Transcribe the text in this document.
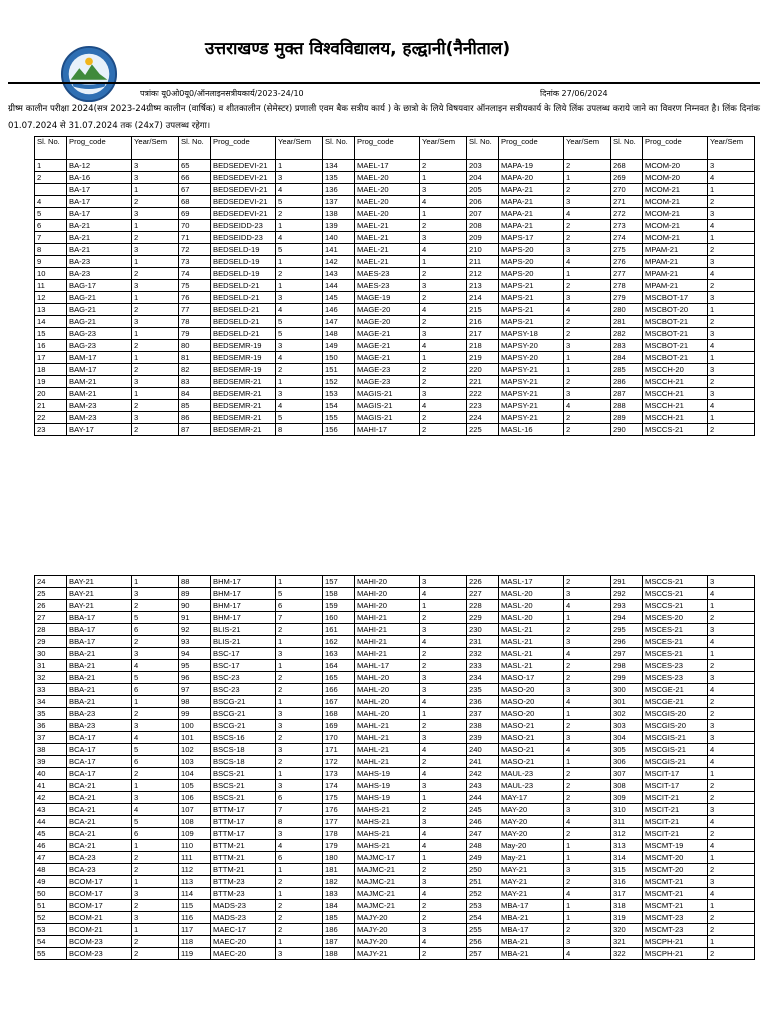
उत्तराखण्ड मुक्त विश्वविद्यालय, हल्द्वानी(नैनीताल)
पत्रांकः यू0ओ0यू0/ऑनलाइनसत्रीयकार्य/2023-24/10	दिनांक 27/06/2024
ग्रीष्म कालीन परीक्षा 2024(सत्र 2023-24ग्रीष्म कालीन (वार्षिक) व शीतकालीन (सेमेस्टर) प्रणाली एवम बैक सत्रीय कार्य ) के छात्रो के लिये विषयवार ऑनलाइन सत्रीयकार्य के लिये लिंक उपलब्ध कराये जाने का विवरण निम्नवत है। लिंक दिनांक 01.07.2024 से 31.07.2024 तक (24x7) उपलब्ध रहेगा।
Sl. No.	Prog_code	Year/Sem	Sl. No.	Prog_code	Year/Sem	Sl. No.	Prog_code	Year/Sem	Sl. No.	Prog_code	Year/Sem	Sl. No.	Prog_code	Year/Sem
1	BA-12	3	65	BEDSEDEVI-21	1	134	MAEL-17	2	203	MAPA-19	2	268	MCOM-20	3
2	BA-16	3	66	BEDSEDEVI-21	3	135	MAEL-20	1	204	MAPA-20	1	269	MCOM-20	4
	BA-17	1	67	BEDSEDEVI-21	4	136	MAEL-20	3	205	MAPA-21	2	270	MCOM-21	1
4	BA-17	2	68	BEDSEDEVI-21	5	137	MAEL-20	4	206	MAPA-21	3	271	MCOM-21	2
5	BA-17	3	69	BEDSEDEVI-21	2	138	MAEL-20	1	207	MAPA-21	4	272	MCOM-21	3
6	BA-21	1	70	BEDSEIDD-23	1	139	MAEL-21	2	208	MAPA-21	2	273	MCOM-21	4
7	BA-21	2	71	BEDSEIDD-23	4	140	MAEL-21	3	209	MAPS-17	2	274	MCOM-21	1
8	BA-21	3	72	BEDSELD-19	5	141	MAEL-21	4	210	MAPS-20	3	275	MPAM-21	2
9	BA-23	1	73	BEDSELD-19	1	142	MAEL-21	1	211	MAPS-20	4	276	MPAM-21	3
10	BA-23	2	74	BEDSELD-19	2	143	MAES-23	2	212	MAPS-20	1	277	MPAM-21	4
11	BAG-17	3	75	BEDSELD-21	1	144	MAES-23	3	213	MAPS-21	2	278	MPAM-21	2
12	BAG-21	1	76	BEDSELD-21	3	145	MAGE-19	2	214	MAPS-21	3	279	MSCBOT-17	3
13	BAG-21	2	77	BEDSELD-21	4	146	MAGE-20	4	215	MAPS-21	4	280	MSCBOT-20	1
14	BAG-21	3	78	BEDSELD-21	5	147	MAGE-20	2	216	MAPS-21	2	281	MSCBOT-21	2
15	BAG-23	1	79	BEDSELD-21	5	148	MAGE-21	3	217	MAPSY-18	2	282	MSCBOT-21	3
16	BAG-23	2	80	BEDSEMR-19	3	149	MAGE-21	4	218	MAPSY-20	3	283	MSCBOT-21	4
17	BAM-17	1	81	BEDSEMR-19	4	150	MAGE-21	1	219	MAPSY-20	1	284	MSCBOT-21	1
18	BAM-17	2	82	BEDSEMR-19	2	151	MAGE-23	2	220	MAPSY-21	1	285	MSCCH-20	3
19	BAM-21	3	83	BEDSEMR-21	1	152	MAGE-23	2	221	MAPSY-21	2	286	MSCCH-21	2
20	BAM-21	1	84	BEDSEMR-21	3	153	MAGIS-21	3	222	MAPSY-21	3	287	MSCCH-21	3
21	BAM-23	2	85	BEDSEMR-21	4	154	MAGIS-21	4	223	MAPSY-21	4	288	MSCCH-21	4
22	BAM-23	3	86	BEDSEMR-21	5	155	MAGIS-21	2	224	MAPSY-21	2	289	MSCCH-21	1
23	BAY-17	2	87	BEDSEMR-21	8	156	MAHI-17	2	225	MASL-16	2	290	MSCCS-21	2
24	BAY-21	1	88	BHM-17	1	157	MAHI-20	3	226	MASL-17	2	291	MSCCS-21	3
25	BAY-21	3	89	BHM-17	5	158	MAHI-20	4	227	MASL-20	3	292	MSCCS-21	4
26	BAY-21	2	90	BHM-17	6	159	MAHI-20	1	228	MASL-20	4	293	MSCCS-21	1
27	BBA-17	5	91	BHM-17	7	160	MAHI-21	2	229	MASL-20	1	294	MSCES-20	2
28	BBA-17	6	92	BLIS-21	2	161	MAHI-21	3	230	MASL-21	2	295	MSCES-21	3
29	BBA-17	2	93	BLIS-21	1	162	MAHI-21	4	231	MASL-21	3	296	MSCES-21	4
30	BBA-21	3	94	BSC-17	3	163	MAHI-21	2	232	MASL-21	4	297	MSCES-21	1
31	BBA-21	4	95	BSC-17	1	164	MAHL-17	2	233	MASL-21	2	298	MSCES-23	2
32	BBA-21	5	96	BSC-23	2	165	MAHL-20	3	234	MASO-17	2	299	MSCES-23	3
33	BBA-21	6	97	BSC-23	2	166	MAHL-20	3	235	MASO-20	3	300	MSCGE-21	4
34	BBA-21	1	98	BSCG-21	1	167	MAHL-20	4	236	MASO-20	4	301	MSCGE-21	2
35	BBA-23	2	99	BSCG-21	3	168	MAHL-20	1	237	MASO-20	1	302	MSCGIS-20	2
36	BBA-23	3	100	BSCG-21	3	169	MAHL-21	2	238	MASO-21	2	303	MSCGIS-20	3
37	BCA-17	4	101	BSCS-16	2	170	MAHL-21	3	239	MASO-21	3	304	MSCGIS-21	3
38	BCA-17	5	102	BSCS-18	3	171	MAHL-21	4	240	MASO-21	4	305	MSCGIS-21	4
39	BCA-17	6	103	BSCS-18	2	172	MAHL-21	2	241	MASO-21	1	306	MSCGIS-21	4
40	BCA-17	2	104	BSCS-21	1	173	MAHS-19	4	242	MAUL-23	2	307	MSCIT-17	1
41	BCA-21	1	105	BSCS-21	3	174	MAHS-19	3	243	MAUL-23	2	308	MSCIT-17	2
42	BCA-21	3	106	BSCS-21	6	175	MAHS-19	1	244	MAY-17	2	309	MSCIT-21	2
43	BCA-21	4	107	BTTM-17	7	176	MAHS-21	2	245	MAY-20	3	310	MSCIT-21	3
44	BCA-21	5	108	BTTM-17	8	177	MAHS-21	3	246	MAY-20	4	311	MSCIT-21	4
45	BCA-21	6	109	BTTM-17	3	178	MAHS-21	4	247	MAY-20	2	312	MSCIT-21	2
46	BCA-21	1	110	BTTM-21	4	179	MAHS-21	4	248	May-20	1	313	MSCMT-19	4
47	BCA-23	2	111	BTTM-21	6	180	MAJMC-17	1	249	May-21	1	314	MSCMT-20	1
48	BCA-23	2	112	BTTM-21	1	181	MAJMC-21	2	250	MAY-21	3	315	MSCMT-20	2
49	BCOM-17	1	113	BTTM-23	2	182	MAJMC-21	3	251	MAY-21	2	316	MSCMT-21	3
50	BCOM-17	3	114	BTTM-23	1	183	MAJMC-21	4	252	MAY-21	4	317	MSCMT-21	4
51	BCOM-17	2	115	MADS-23	2	184	MAJMC-21	2	253	MBA-17	1	318	MSCMT-21	1
52	BCOM-21	3	116	MADS-23	2	185	MAJY-20	2	254	MBA-21	1	319	MSCMT-23	2
53	BCOM-21	1	117	MAEC-17	2	186	MAJY-20	3	255	MBA-17	2	320	MSCMT-23	2
54	BCOM-23	2	118	MAEC-20	1	187	MAJY-20	4	256	MBA-21	3	321	MSCPH-21	1
55	BCOM-23	2	119	MAEC-20	3	188	MAJY-21	2	257	MBA-21	4	322	MSCPH-21	2
